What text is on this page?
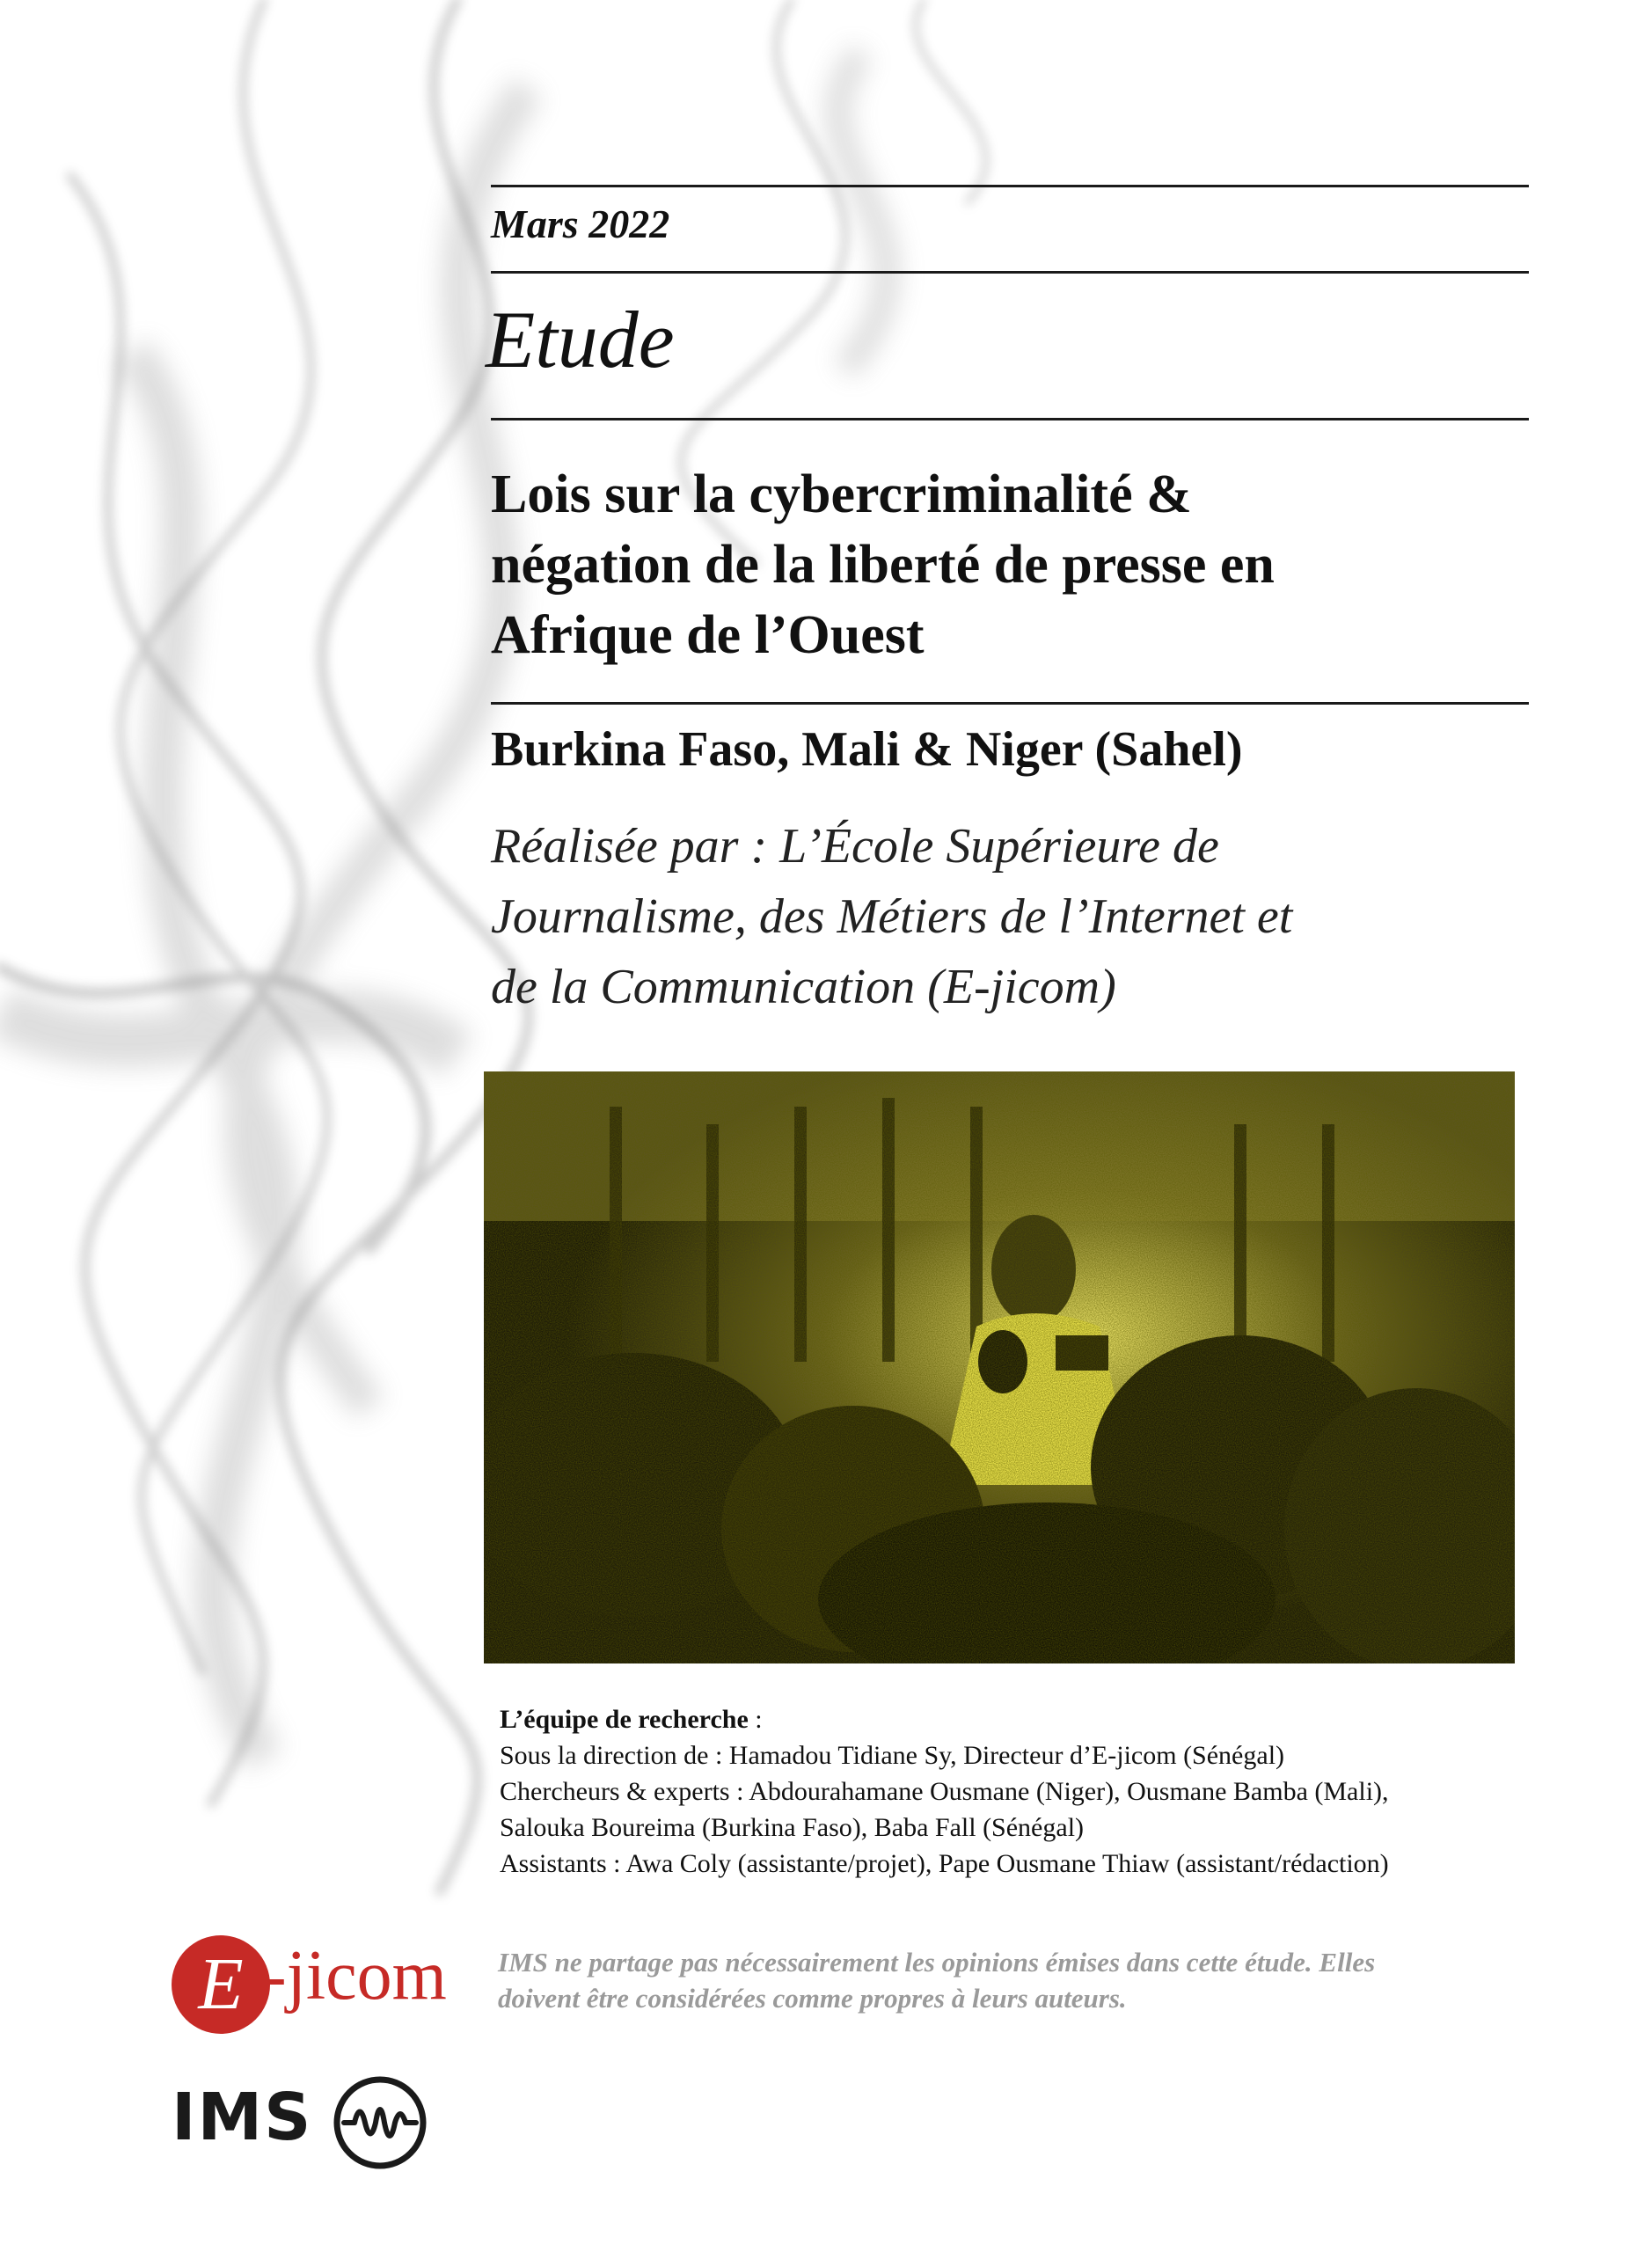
Mars 2022
Etude
Lois sur la cybercriminalité &
négation de la liberté de presse en
Afrique de l’Ouest
Burkina Faso, Mali & Niger (Sahel)
Réalisée par : L’École Supérieure de
Journalisme, des Métiers de l’Internet et
de la Communication (E-jicom)
L’équipe de recherche :
Sous la direction de : Hamadou Tidiane Sy, Directeur d’E-jicom (Sénégal)
Chercheurs & experts : Abdourahamane Ousmane (Niger), Ousmane Bamba (Mali),
Salouka Boureima (Burkina Faso), Baba Fall (Sénégal)
Assistants : Awa Coly (assistante/projet), Pape Ousmane Thiaw (assistant/rédaction)
IMS ne partage pas nécessairement les opinions émises dans cette étude. Elles
doivent être considérées comme propres à leurs auteurs.
E -jicom
IMS
